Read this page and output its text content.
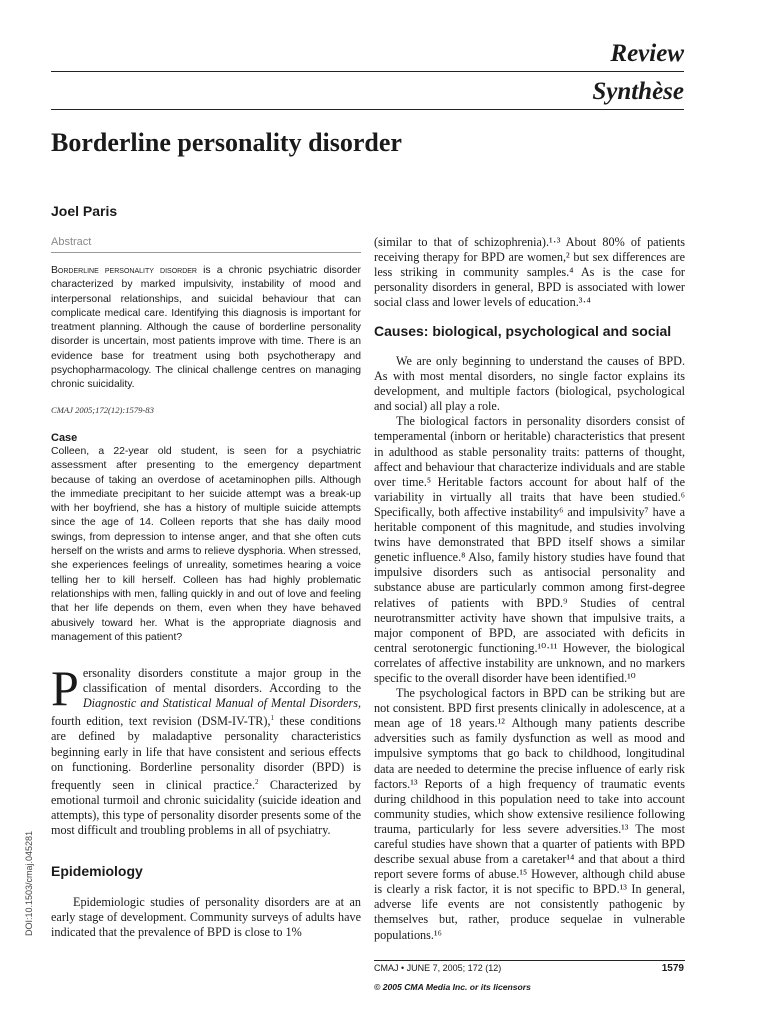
Review
Synthèse
Borderline personality disorder
Joel Paris
Abstract

Borderline personality disorder is a chronic psychiatric disorder characterized by marked impulsivity, instability of mood and interpersonal relationships, and suicidal behaviour that can complicate medical care. Identifying this diagnosis is important for treatment planning. Although the cause of borderline personality disorder is uncertain, most patients improve with time. There is an evidence base for treatment using both psychotherapy and psychopharmacology. The clinical challenge centres on managing chronic suicidality.

CMAJ 2005;172(12):1579-83
Case

Colleen, a 22-year old student, is seen for a psychiatric assessment after presenting to the emergency department because of taking an overdose of acetaminophen pills. Although the immediate precipitant to her suicide attempt was a break-up with her boyfriend, she has a history of multiple suicide attempts since the age of 14. Colleen reports that she has daily mood swings, from depression to intense anger, and that she often cuts herself on the wrists and arms to relieve dysphoria. When stressed, she experiences feelings of unreality, sometimes hearing a voice telling her to kill herself. Colleen has had highly problematic relationships with men, falling quickly in and out of love and feeling that her life depends on them, even when they have behaved abusively toward her. What is the appropriate diagnosis and management of this patient?

Personality disorders constitute a major group in the classification of mental disorders. According to the Diagnostic and Statistical Manual of Mental Disorders, fourth edition, text revision (DSM-IV-TR),$^1$ these conditions are defined by maladaptive personality characteristics beginning early in life that have consistent and serious effects on functioning. Borderline personality disorder (BPD) is frequently seen in clinical practice.$^2$ Characterized by emotional turmoil and chronic suicidality (suicide ideation and attempts), this type of personality disorder presents some of the most difficult and troubling problems in all of psychiatry.

Epidemiology

Epidemiologic studies of personality disorders are at an early stage of development. Community surveys of adults have indicated that the prevalence of BPD is close to 1%

DOI:10.1503/cmaj.045281

(similar to that of schizophrenia).¹·³ About 80% of patients receiving therapy for BPD are women,² but sex differences are less striking in community samples.⁴ As is the case for personality disorders in general, BPD is associated with lower social class and lower levels of education.³·⁴

Causes: biological, psychological and social

We are only beginning to understand the causes of BPD. As with most mental disorders, no single factor explains its development, and multiple factors (biological, psychological and social) all play a role.

The biological factors in personality disorders consist of temperamental (inborn or heritable) characteristics that present in adulthood as stable personality traits: patterns of thought, affect and behaviour that characterize individuals and are stable over time.⁵ Heritable factors account for about half of the variability in virtually all traits that have been studied.⁶ Specifically, both affective instability⁶ and impulsivity⁷ have a heritable component of this magnitude, and studies involving twins have demonstrated that BPD itself shows a similar genetic influence.⁸ Also, family history studies have found that impulsive disorders such as antisocial personality and substance abuse are particularly common among first-degree relatives of patients with BPD.⁹ Studies of central neurotransmitter activity have shown that impulsive traits, a major component of BPD, are associated with deficits in central serotonergic functioning.¹⁰·¹¹ However, the biological correlates of affective instability are unknown, and no markers specific to the overall disorder have been identified.¹⁰

The psychological factors in BPD can be striking but are not consistent. BPD first presents clinically in adolescence, at a mean age of 18 years.¹² Although many patients describe adversities such as family dysfunction as well as mood and impulsive symptoms that go back to childhood, longitudinal data are needed to determine the precise influence of early risk factors.¹³ Reports of a high frequency of traumatic events during childhood in this population need to take into account community studies, which show extensive resilience following trauma, particularly for less severe adversities.¹³ The most careful studies have shown that a quarter of patients with BPD describe sexual abuse from a caretaker¹⁴ and that about a third report severe forms of abuse.¹⁵ However, although child abuse is clearly a risk factor, it is not specific to BPD.¹³ In general, adverse life events are not consistently pathogenic by themselves but, rather, produce sequelae in vulnerable populations.¹⁶

CMAJ • JUNE 7, 2005; 172 (12)	1579
© 2005 CMA Media Inc. or its licensors
